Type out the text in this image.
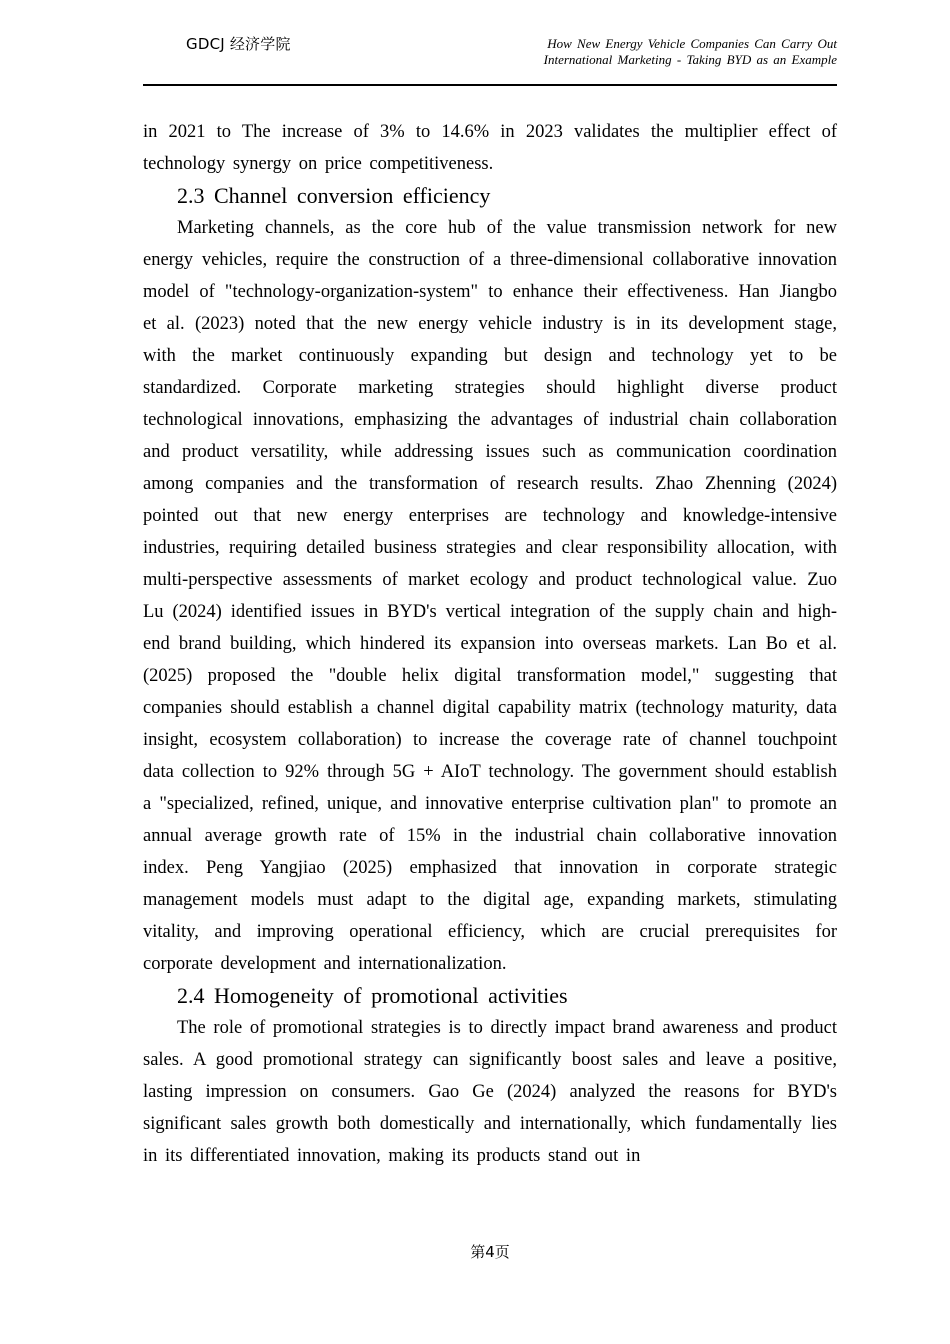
GDCJ 经济学院	How New Energy Vehicle Companies Can Carry Out
International Marketing - Taking BYD as an Example

in 2021 to The increase of 3% to 14.6% in 2023 validates the multiplier effect of technology synergy on price competitiveness.

2.3 Channel conversion efficiency

Marketing channels, as the core hub of the value transmission network for new energy vehicles, require the construction of a three-dimensional collaborative innovation model of "technology-organization-system" to enhance their effectiveness. Han Jiangbo et al. (2023) noted that the new energy vehicle industry is in its development stage, with the market continuously expanding but design and technology yet to be standardized. Corporate marketing strategies should highlight diverse product technological innovations, emphasizing the advantages of industrial chain collaboration and product versatility, while addressing issues such as communication coordination among companies and the transformation of research results. Zhao Zhenning (2024) pointed out that new energy enterprises are technology and knowledge-intensive industries, requiring detailed business strategies and clear responsibility allocation, with multi-perspective assessments of market ecology and product technological value. Zuo Lu (2024) identified issues in BYD's vertical integration of the supply chain and high-end brand building, which hindered its expansion into overseas markets. Lan Bo et al. (2025) proposed the "double helix digital transformation model," suggesting that companies should establish a channel digital capability matrix (technology maturity, data insight, ecosystem collaboration) to increase the coverage rate of channel touchpoint data collection to 92% through 5G + AIoT technology. The government should establish a "specialized, refined, unique, and innovative enterprise cultivation plan" to promote an annual average growth rate of 15% in the industrial chain collaborative innovation index. Peng Yangjiao (2025) emphasized that innovation in corporate strategic management models must adapt to the digital age, expanding markets, stimulating vitality, and improving operational efficiency, which are crucial prerequisites for corporate development and internationalization.

2.4 Homogeneity of promotional activities

The role of promotional strategies is to directly impact brand awareness and product sales. A good promotional strategy can significantly boost sales and leave a positive, lasting impression on consumers. Gao Ge (2024) analyzed the reasons for BYD's significant sales growth both domestically and internationally, which fundamentally lies in its differentiated innovation, making its products stand out in

第4页
